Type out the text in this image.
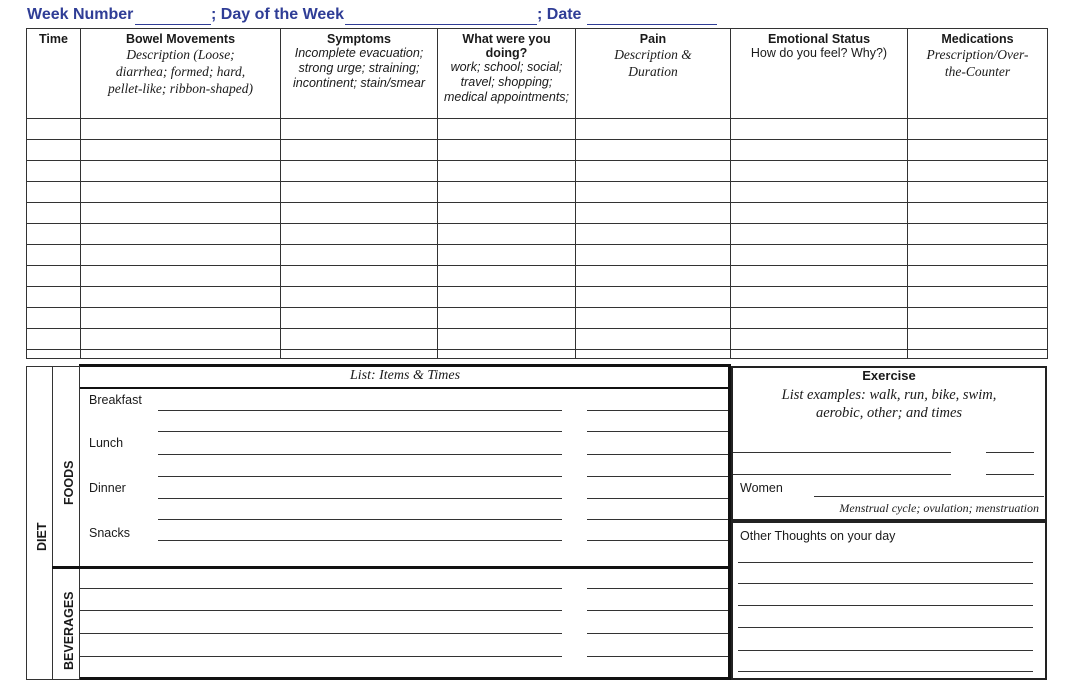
Week Number	; Day of the Week	; Date
Time	Bowel Movements
Description (Loose;
diarrhea; formed; hard,
pellet-like; ribbon-shaped)	Symptoms
Incomplete evacuation;
strong urge; straining;
incontinent; stain/smear	What were you
doing?
work; school; social;
travel; shopping;
medical appointments;	Pain
Description &
Duration	Emotional Status
How do you feel? Why?)	Medications
Prescription/Over-
the-Counter

DIET
FOODS
BEVERAGES
List: Items & Times
Breakfast
Lunch
Dinner
Snacks
Exercise
List examples: walk, run, bike, swim,
aerobic, other; and times
Women
Menstrual cycle; ovulation; menstruation
Other Thoughts on your day
